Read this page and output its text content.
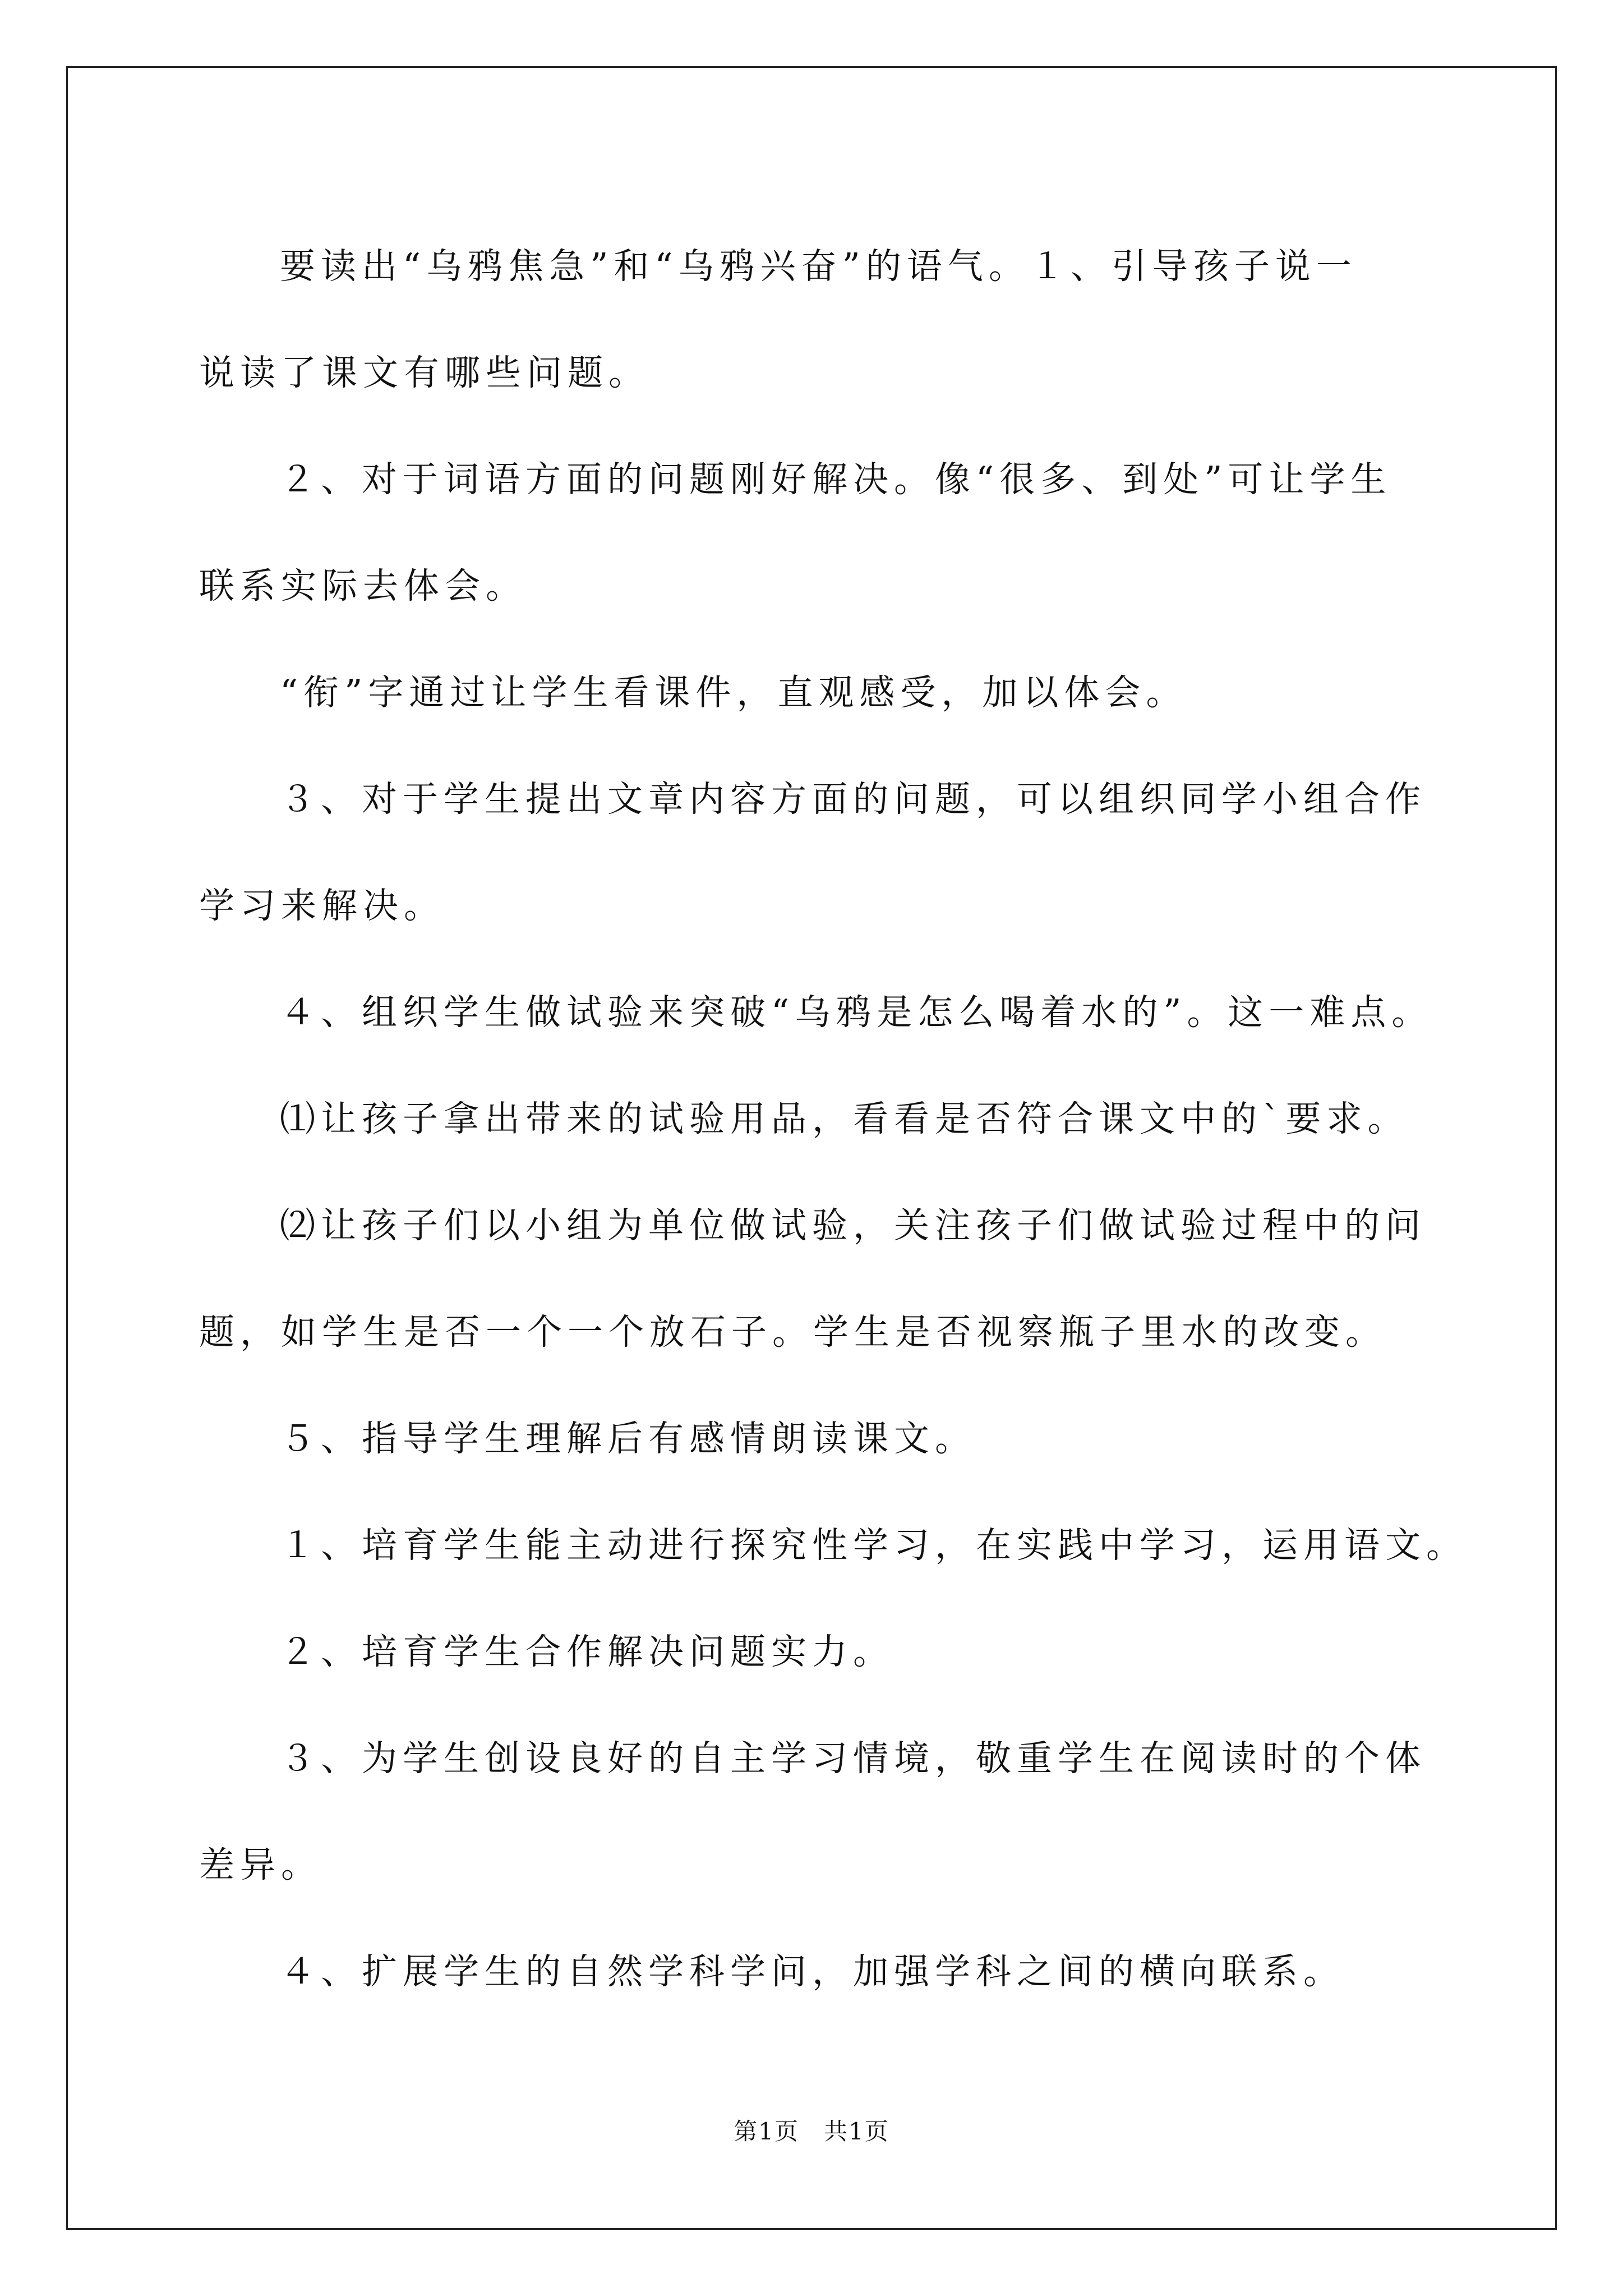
要读出“乌鸦焦急”和“乌鸦兴奋”的语气。１、引导孩子说一
说读了课文有哪些问题。

２、对于词语方面的问题刚好解决。像“很多、到处”可让学生
联系实际去体会。

“衔”字通过让学生看课件，直观感受，加以体会。

３、对于学生提出文章内容方面的问题，可以组织同学小组合作
学习来解决。

４、组织学生做试验来突破“乌鸦是怎么喝着水的”。这一难点。

⑴让孩子拿出带来的试验用品，看看是否符合课文中的`要求。

⑵让孩子们以小组为单位做试验，关注孩子们做试验过程中的问
题，如学生是否一个一个放石子。学生是否视察瓶子里水的改变。

５、指导学生理解后有感情朗读课文。

１、培育学生能主动进行探究性学习，在实践中学习，运用语文。

２、培育学生合作解决问题实力。

３、为学生创设良好的自主学习情境，敬重学生在阅读时的个体
差异。

４、扩展学生的自然学科学问，加强学科之间的横向联系。

第1页　共1页
